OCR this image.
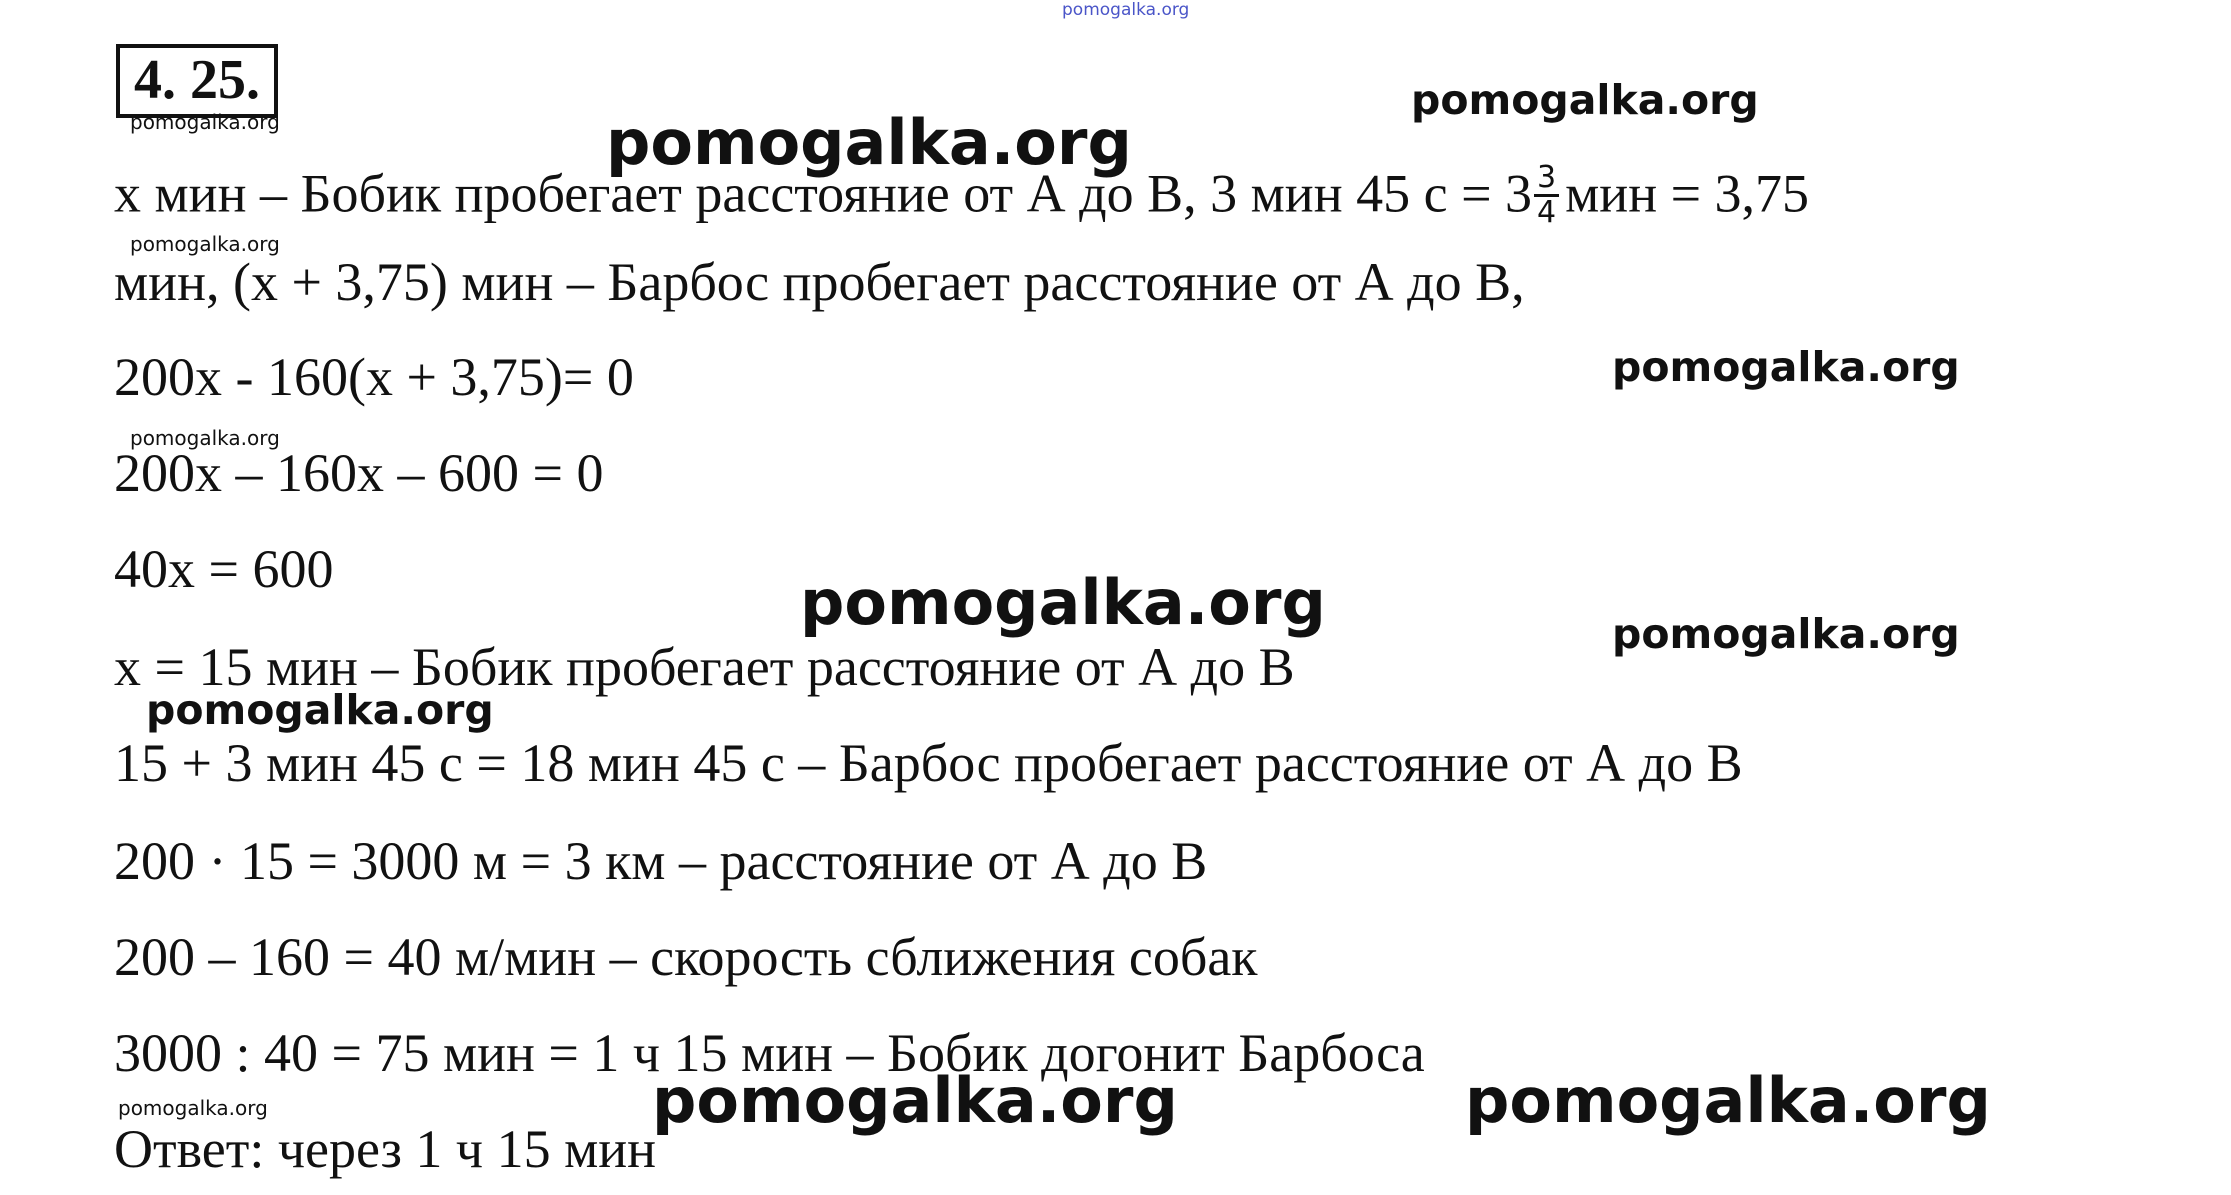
pomogalka.org
4. 25.
pomogalka.org	pomogalka.org
pomogalka.org
pomogalka.org
pomogalka.org
pomogalka.org
pomogalka.org	pomogalka.org
pomogalka.org
pomogalka.org	pomogalka.org	pomogalka.org
x мин – Бобик пробегает расстояние от А до В, 3 мин 45 $с = 3 \frac{3}{4}$ мин = 3,75
мин, (x + 3,75) мин – Барбос пробегает расстояние от А до В,
200x - 160(x + 3,75)= 0
200x – 160x – 600 = 0
40x = 600
x = 15 мин – Бобик пробегает расстояние от А до В
15 + 3 мин 45 с = 18 мин 45 с – Барбос пробегает расстояние от А до В
200 · 15 = 3000 м = 3 км – расстояние от А до В
200 – 160 = 40 м/мин – скорость сближения собак
3000 : 40 = 75 мин = 1 ч 15 мин – Бобик догонит Барбоса
Ответ: через 1 ч 15 мин
